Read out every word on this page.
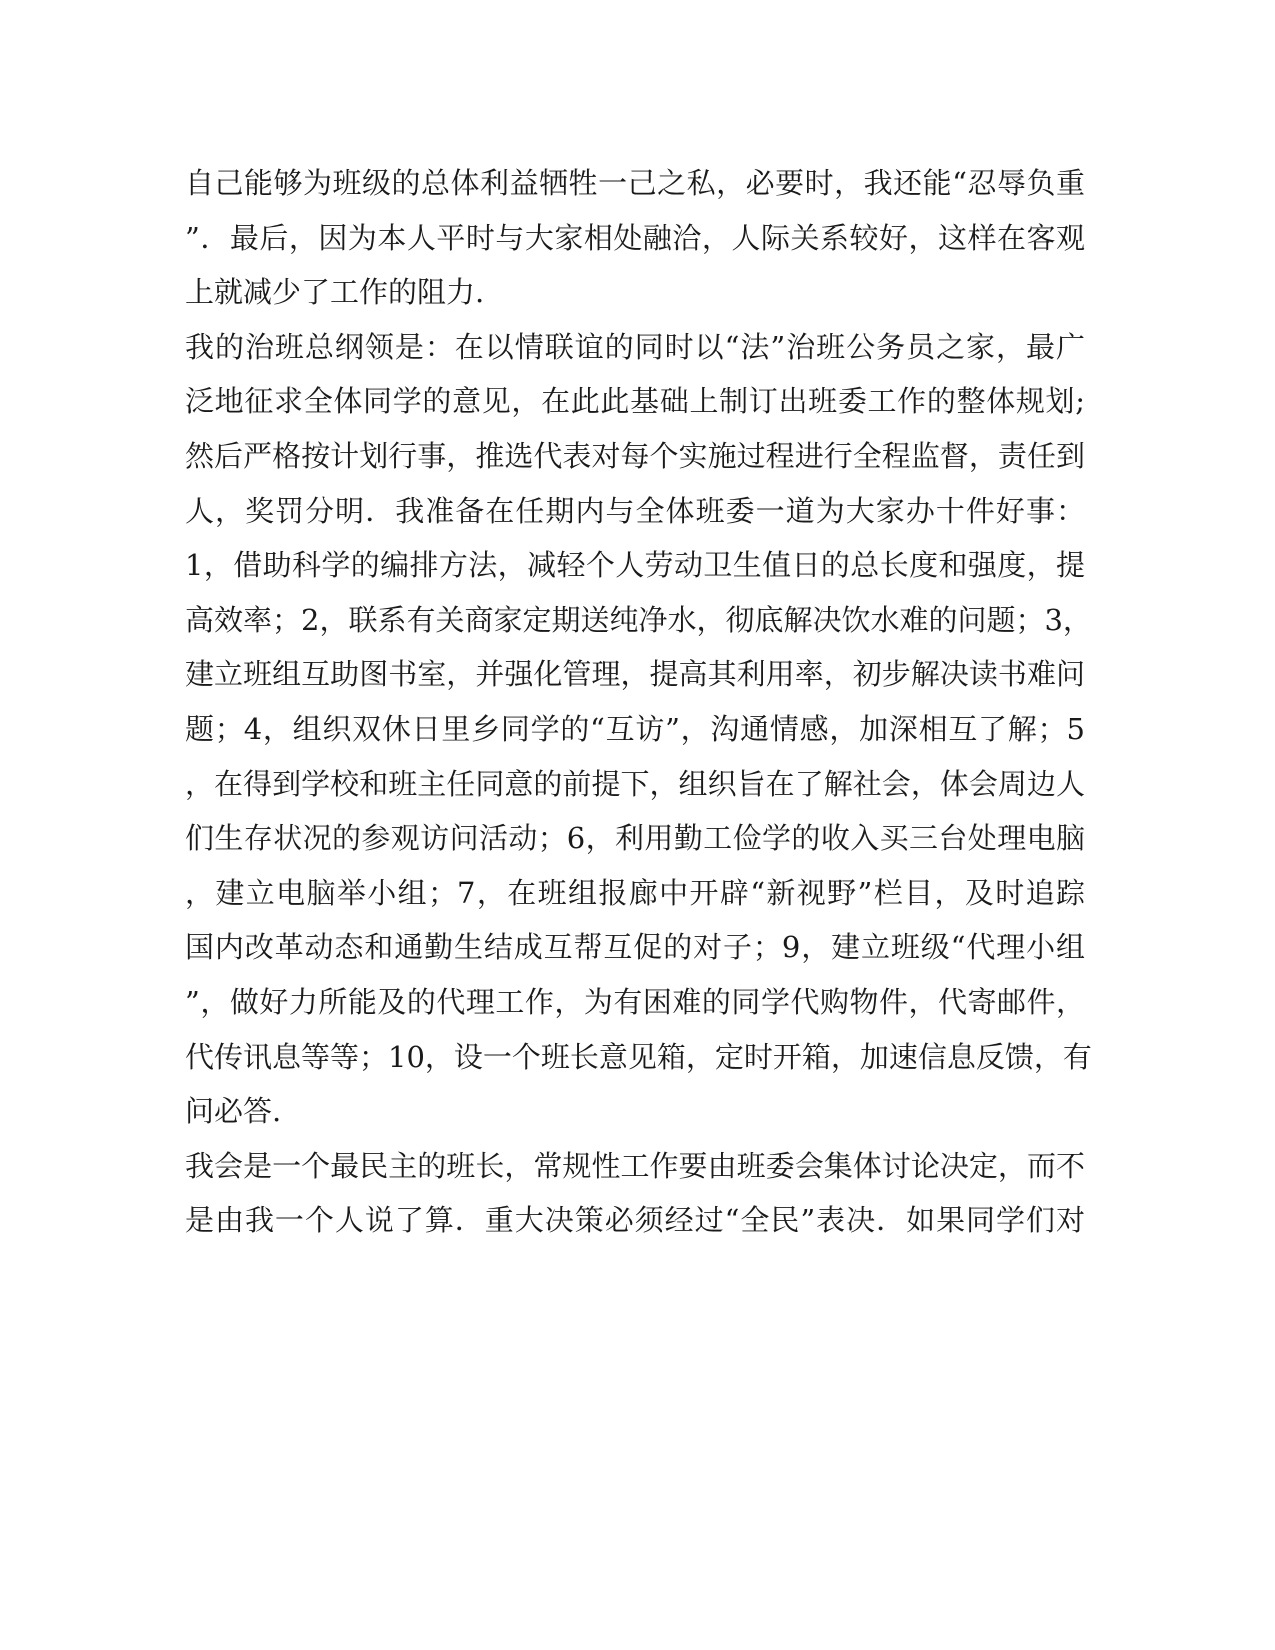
自己能够为班级的总体利益牺牲一己之私，必要时，我还能“忍辱负重
”．最后，因为本人平时与大家相处融洽，人际关系较好，这样在客观
上就减少了工作的阻力.
我的治班总纲领是：在以情联谊的同时以“法”治班公务员之家，最广
泛地征求全体同学的意见，在此此基础上制订出班委工作的整体规划;
然后严格按计划行事，推选代表对每个实施过程进行全程监督，责任到
人，奖罚分明．我准备在任期内与全体班委一道为大家办十件好事：
1，借助科学的编排方法，减轻个人劳动卫生值日的总长度和强度，提
高效率；2，联系有关商家定期送纯净水，彻底解决饮水难的问题；3，
建立班组互助图书室，并强化管理，提高其利用率，初步解决读书难问
题；4，组织双休日里乡同学的“互访”，沟通情感，加深相互了解；5
，在得到学校和班主任同意的前提下，组织旨在了解社会，体会周边人
们生存状况的参观访问活动；6，利用勤工俭学的收入买三台处理电脑
，建立电脑举小组；7，在班组报廊中开辟“新视野”栏目，及时追踪
国内改革动态和通勤生结成互帮互促的对子；9，建立班级“代理小组
”，做好力所能及的代理工作，为有困难的同学代购物件，代寄邮件，
代传讯息等等；10，设一个班长意见箱，定时开箱，加速信息反馈，有
问必答.
我会是一个最民主的班长，常规性工作要由班委会集体讨论决定，而不
是由我一个人说了算．重大决策必须经过“全民”表决．如果同学们对
